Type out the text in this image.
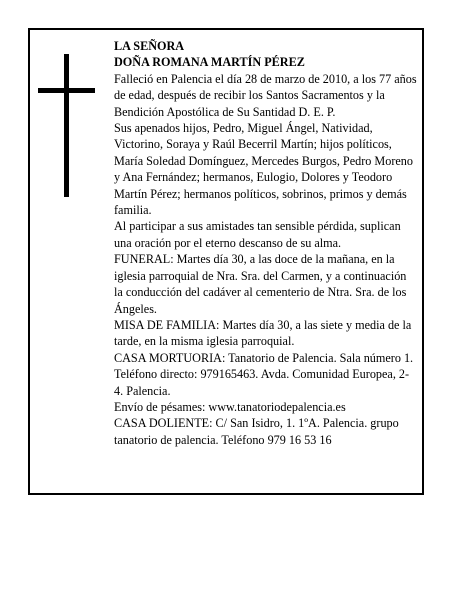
LA SEÑORA
DOÑA ROMANA MARTÍN PÉREZ

Falleció en Palencia el día 28 de marzo de 2010, a los 77 años de edad, después de recibir los Santos Sacramentos y la Bendición Apostólica de Su Santidad D. E. P.

Sus apenados hijos, Pedro, Miguel Ángel, Natividad, Victorino, Soraya y Raúl Becerril Martín; hijos políticos, María Soledad Domínguez, Mercedes Burgos, Pedro Moreno y Ana Fernández; hermanos, Eulogio, Dolores y Teodoro Martín Pérez; hermanos políticos, sobrinos, primos y demás familia.

Al participar a sus amistades tan sensible pérdida, suplican una oración por el eterno descanso de su alma.

FUNERAL: Martes día 30, a las doce de la mañana, en la iglesia parroquial de Nra. Sra. del Carmen, y a continuación la conducción del cadáver al cementerio de Ntra. Sra. de los Ángeles.

MISA DE FAMILIA: Martes día 30, a las siete y media de la tarde, en la misma iglesia parroquial.

CASA MORTUORIA: Tanatorio de Palencia. Sala número 1. Teléfono directo: 979165463. Avda. Comunidad Europea, 2-4. Palencia.

Envío de pésames: www.tanatoriodepalencia.es

CASA DOLIENTE: C/ San Isidro, 1. 1ºA. Palencia. grupo tanatorio de palencia. Teléfono 979 16 53 16
